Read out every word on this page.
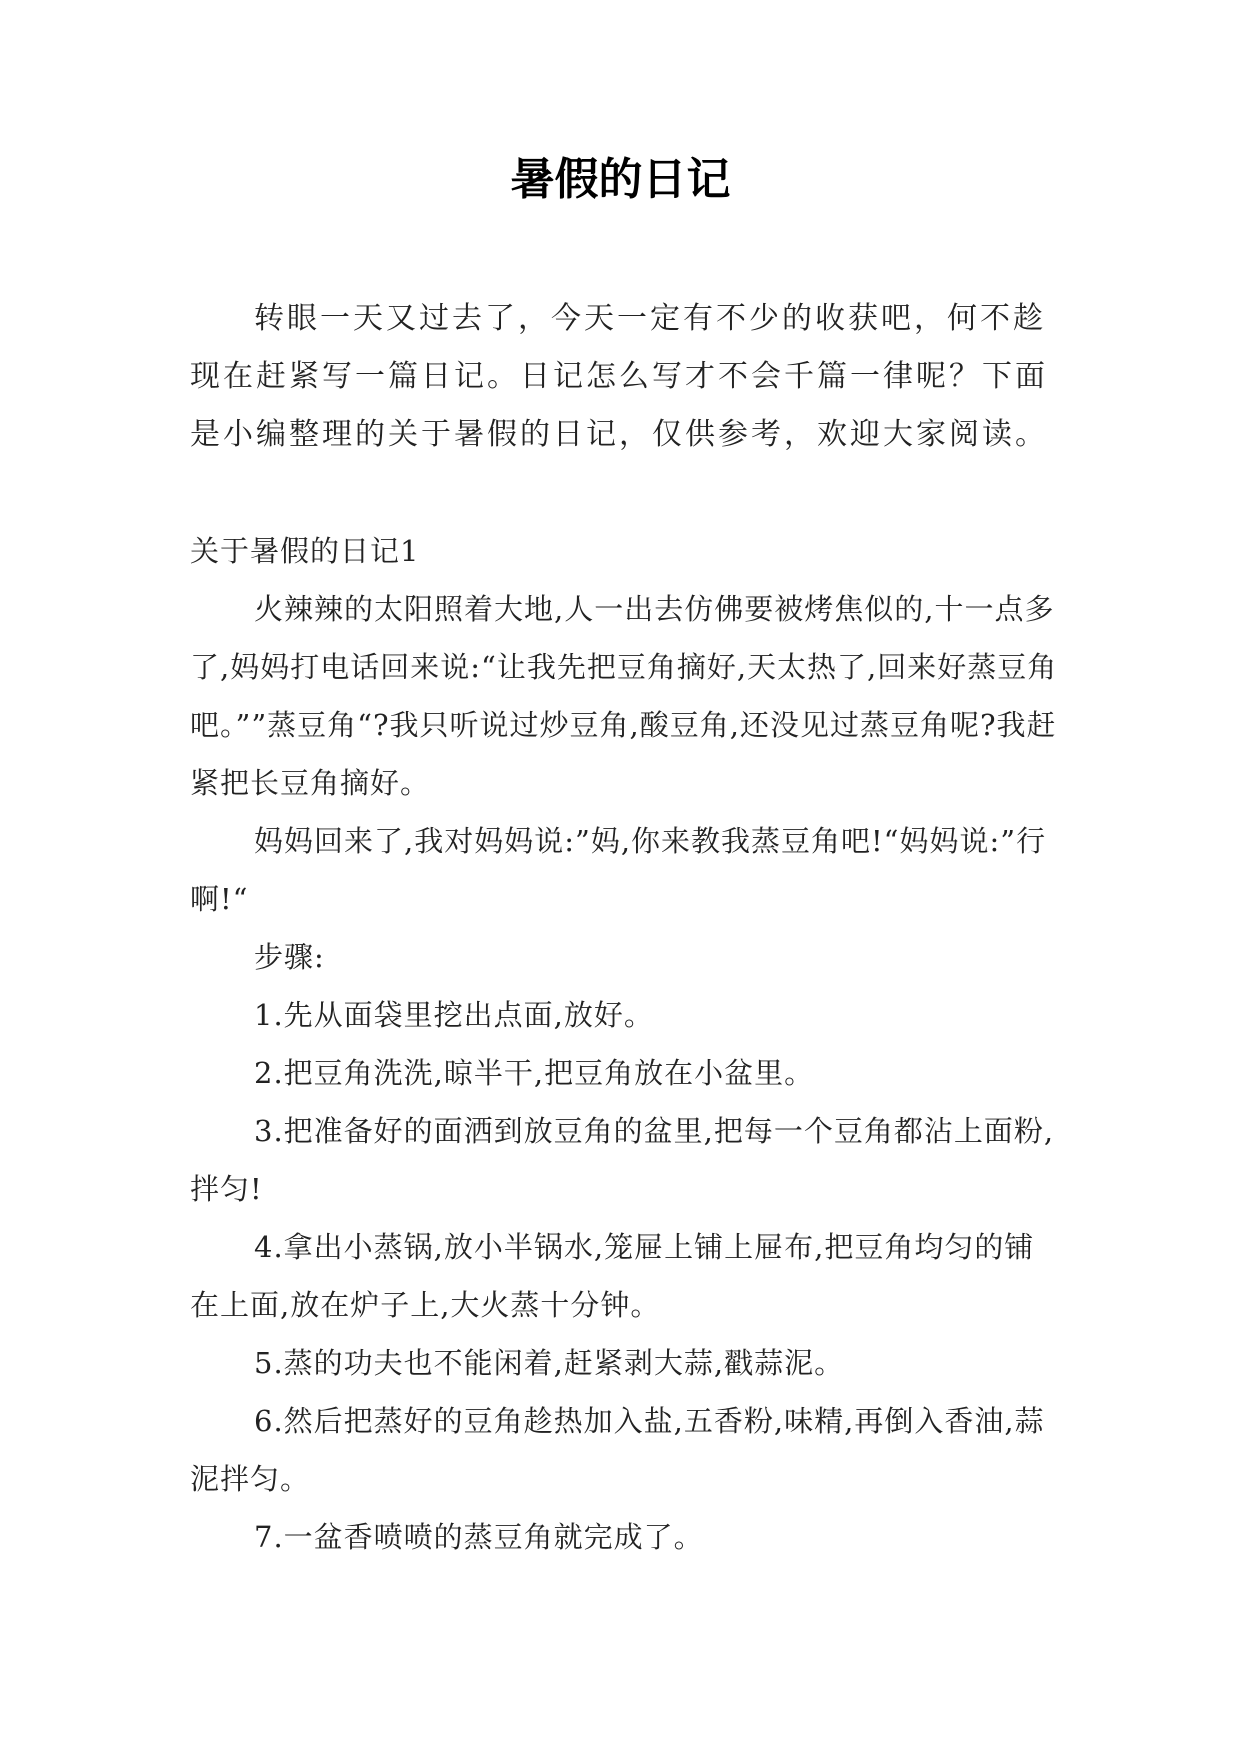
暑假的日记

转眼一天又过去了，今天一定有不少的收获吧，何不趁现在赶紧写一篇日记。日记怎么写才不会千篇一律呢？下面是小编整理的关于暑假的日记，仅供参考，欢迎大家阅读。

关于暑假的日记1

火辣辣的太阳照着大地,人一出去仿佛要被烤焦似的,十一点多了,妈妈打电话回来说:“让我先把豆角摘好,天太热了,回来好蒸豆角吧。””蒸豆角“?我只听说过炒豆角,酸豆角,还没见过蒸豆角呢?我赶紧把长豆角摘好。

妈妈回来了,我对妈妈说:”妈,你来教我蒸豆角吧!“妈妈说:”行啊!“

步骤:

1.先从面袋里挖出点面,放好。

2.把豆角洗洗,晾半干,把豆角放在小盆里。

3.把准备好的面洒到放豆角的盆里,把每一个豆角都沾上面粉,拌匀!

4.拿出小蒸锅,放小半锅水,笼屉上铺上屉布,把豆角均匀的铺在上面,放在炉子上,大火蒸十分钟。

5.蒸的功夫也不能闲着,赶紧剥大蒜,戳蒜泥。

6.然后把蒸好的豆角趁热加入盐,五香粉,味精,再倒入香油,蒜泥拌匀。

7.一盆香喷喷的蒸豆角就完成了。
